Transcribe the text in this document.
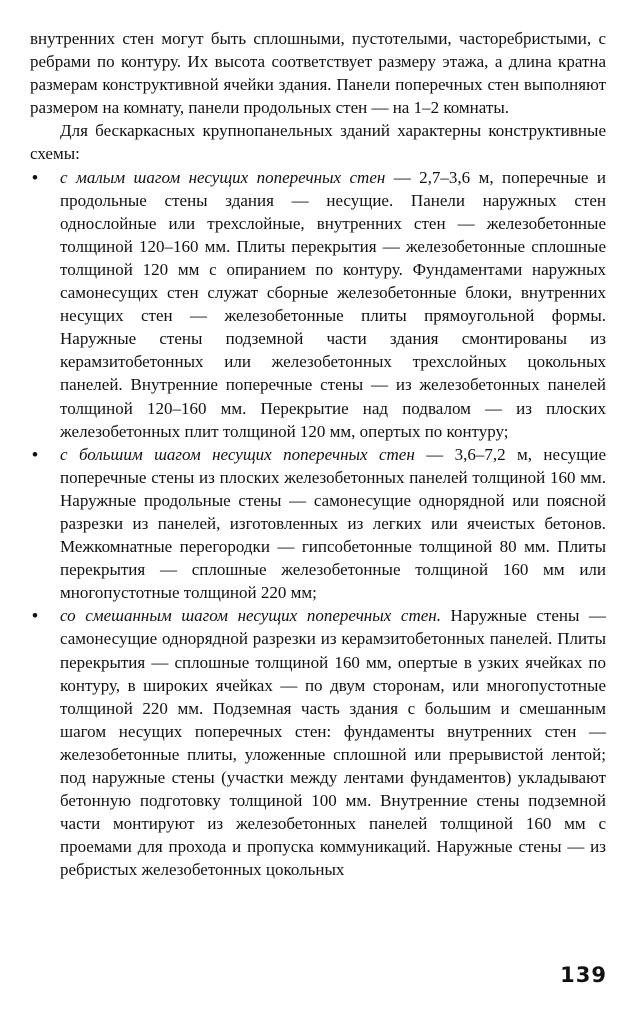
внутренних стен могут быть сплошными, пустотелыми, часторебристыми, с ребрами по контуру. Их высота соответствует размеру этажа, а длина кратна размерам конструктивной ячейки здания. Панели поперечных стен выполняют размером на комнату, панели продольных стен — на 1–2 комнаты.

Для бескаркасных крупнопанельных зданий характерны конструктивные схемы:

• с малым шагом несущих поперечных стен — 2,7–3,6 м, поперечные и продольные стены здания — несущие. Панели наружных стен однослойные или трехслойные, внутренних стен — железобетонные толщиной 120–160 мм. Плиты перекрытия — железобетонные сплошные толщиной 120 мм с опиранием по контуру. Фундаментами наружных самонесущих стен служат сборные железобетонные блоки, внутренних несущих стен — железобетонные плиты прямоугольной формы. Наружные стены подземной части здания смонтированы из керамзитобетонных или железобетонных трехслойных цокольных панелей. Внутренние поперечные стены — из железобетонных панелей толщиной 120–160 мм. Перекрытие над подвалом — из плоских железобетонных плит толщиной 120 мм, опертых по контуру;
• с большим шагом несущих поперечных стен — 3,6–7,2 м, несущие поперечные стены из плоских железобетонных панелей толщиной 160 мм. Наружные продольные стены — самонесущие однорядной или поясной разрезки из панелей, изготовленных из легких или ячеистых бетонов. Межкомнатные перегородки — гипсобетонные толщиной 80 мм. Плиты перекрытия — сплошные железобетонные толщиной 160 мм или многопустотные толщиной 220 мм;
• со смешанным шагом несущих поперечных стен. Наружные стены — самонесущие однорядной разрезки из керамзитобетонных панелей. Плиты перекрытия — сплошные толщиной 160 мм, опертые в узких ячейках по контуру, в широких ячейках — по двум сторонам, или многопустотные толщиной 220 мм. Подземная часть здания с большим и смешанным шагом несущих поперечных стен: фундаменты внутренних стен — железобетонные плиты, уложенные сплошной или прерывистой лентой; под наружные стены (участки между лентами фундаментов) укладывают бетонную подготовку толщиной 100 мм. Внутренние стены подземной части монтируют из железобетонных панелей толщиной 160 мм с проемами для прохода и пропуска коммуникаций. Наружные стены — из ребристых железобетонных цокольных
139
